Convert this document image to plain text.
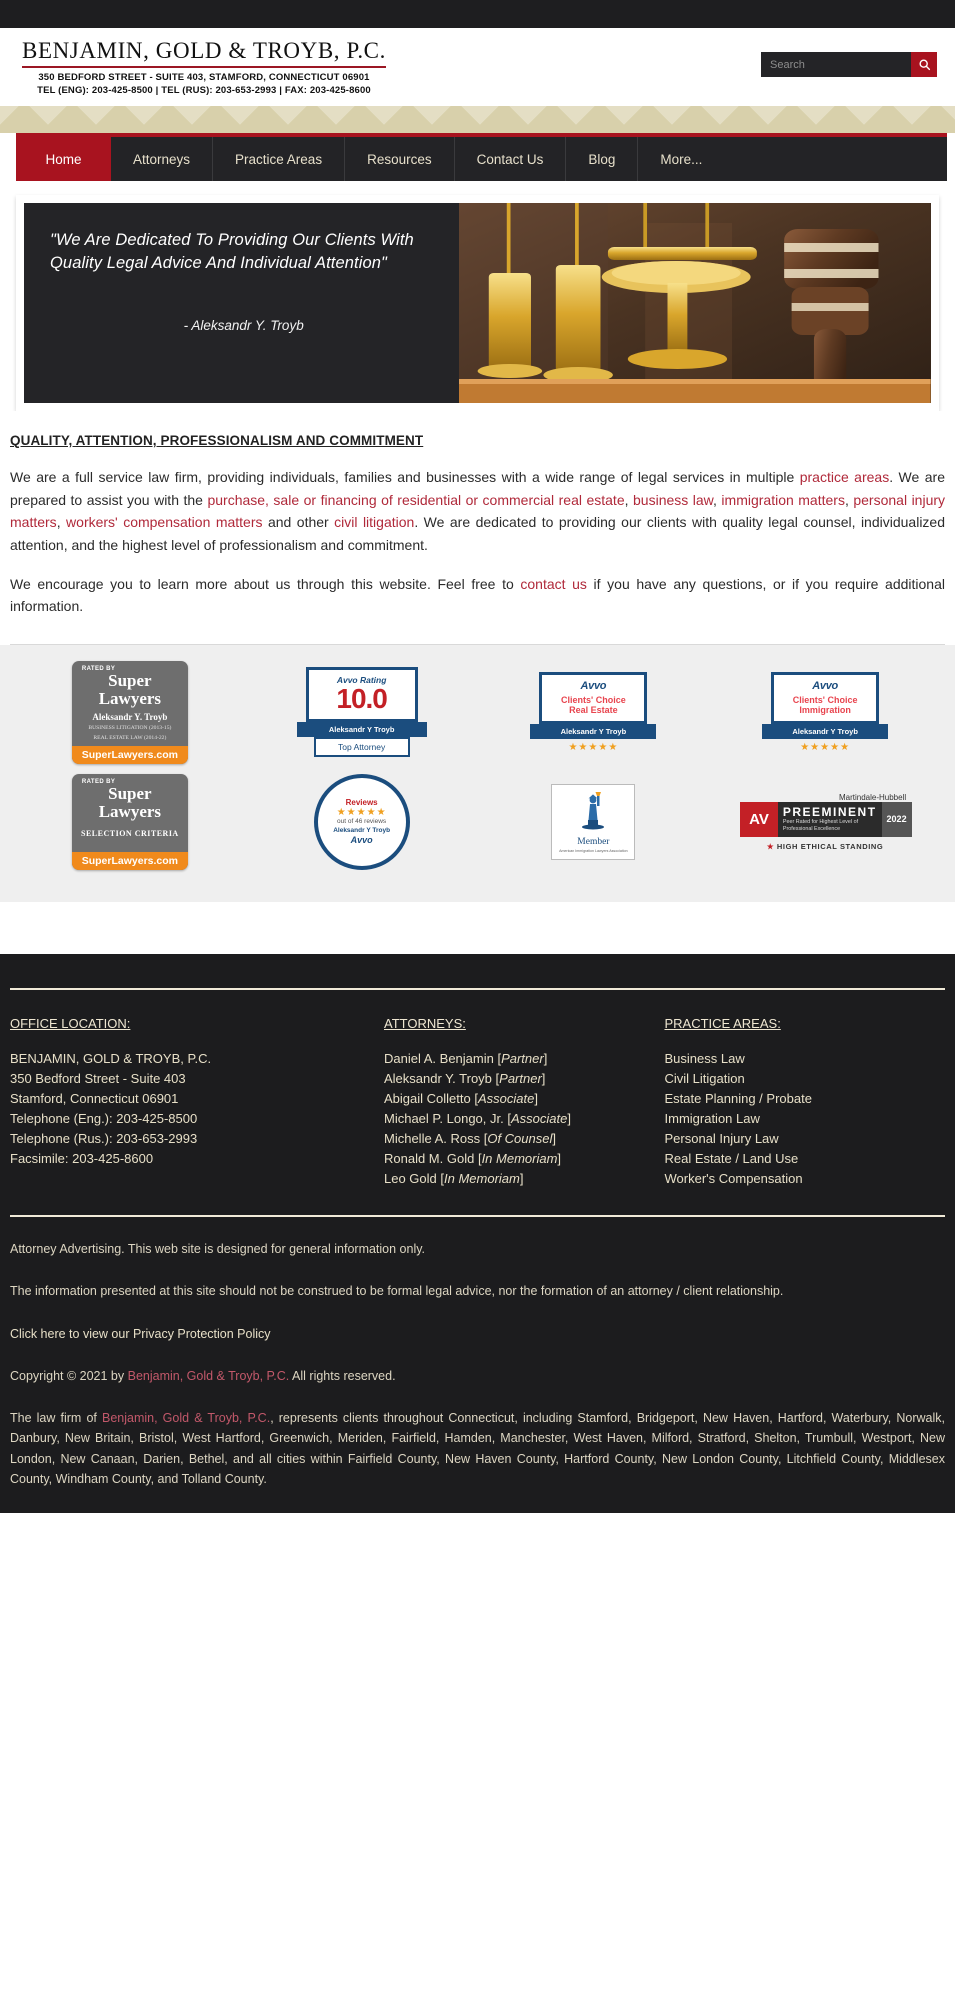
BENJAMIN, GOLD & TROYB, P.C.
350 BEDFORD STREET - SUITE 403, STAMFORD, CONNECTICUT 06901
TEL (ENG): 203-425-8500 | TEL (RUS): 203-653-2993 | FAX: 203-425-8600
Search
Home	Attorneys	Practice Areas	Resources	Contact Us	Blog	More...
"We Are Dedicated To Providing Our Clients With Quality Legal Advice And Individual Attention"
- Aleksandr Y. Troyb
QUALITY, ATTENTION, PROFESSIONALISM AND COMMITMENT

We are a full service law firm, providing individuals, families and businesses with a wide range of legal services in multiple practice areas. We are prepared to assist you with the purchase, sale or financing of residential or commercial real estate, business law, immigration matters, personal injury matters, workers' compensation matters and other civil litigation. We are dedicated to providing our clients with quality legal counsel, individualized attention, and the highest level of professionalism and commitment.

We encourage you to learn more about us through this website. Feel free to contact us if you have any questions, or if you require additional information.

RATED BY
Super Lawyers
Aleksandr Y. Troyb
BUSINESS LITIGATION (2013-15)
REAL ESTATE LAW (2014-22)
SuperLawyers.com
Avvo Rating
10.0
Aleksandr Y Troyb
Top Attorney
Avvo
Clients' Choice
Real Estate
Aleksandr Y Troyb
★★★★★
Avvo
Clients' Choice
Immigration
Aleksandr Y Troyb
★★★★★
RATED BY
Super Lawyers
SELECTION CRITERIA
SuperLawyers.com
Reviews
★★★★★
out of 46 reviews
Aleksandr Y Troyb
Avvo	Member
American Immigration Lawyers Association
Martindale-Hubbell
AV	PREEMINENT
Peer Rated for Highest Level of Professional Excellence
2022
★ HIGH ETHICAL STANDING
OFFICE LOCATION:
BENJAMIN, GOLD & TROYB, P.C.
350 Bedford Street - Suite 403
Stamford, Connecticut 06901
Telephone (Eng.): 203-425-8500
Telephone (Rus.): 203-653-2993
Facsimile: 203-425-8600
ATTORNEYS:
Daniel A. Benjamin [Partner]
Aleksandr Y. Troyb [Partner]
Abigail Colletto [Associate]
Michael P. Longo, Jr. [Associate]
Michelle A. Ross [Of Counsel]
Ronald M. Gold [In Memoriam]
Leo Gold [In Memoriam]
PRACTICE AREAS:
Business Law
Civil Litigation
Estate Planning / Probate
Immigration Law
Personal Injury Law
Real Estate / Land Use
Worker's Compensation

Attorney Advertising. This web site is designed for general information only.

The information presented at this site should not be construed to be formal legal advice, nor the formation of an attorney / client relationship.

Click here to view our Privacy Protection Policy

Copyright © 2021 by Benjamin, Gold & Troyb, P.C. All rights reserved.

The law firm of Benjamin, Gold & Troyb, P.C., represents clients throughout Connecticut, including Stamford, Bridgeport, New Haven, Hartford, Waterbury, Norwalk, Danbury, New Britain, Bristol, West Hartford, Greenwich, Meriden, Fairfield, Hamden, Manchester, West Haven, Milford, Stratford, Shelton, Trumbull, Westport, New London, New Canaan, Darien, Bethel, and all cities within Fairfield County, New Haven County, Hartford County, New London County, Litchfield County, Middlesex County, Windham County, and Tolland County.
